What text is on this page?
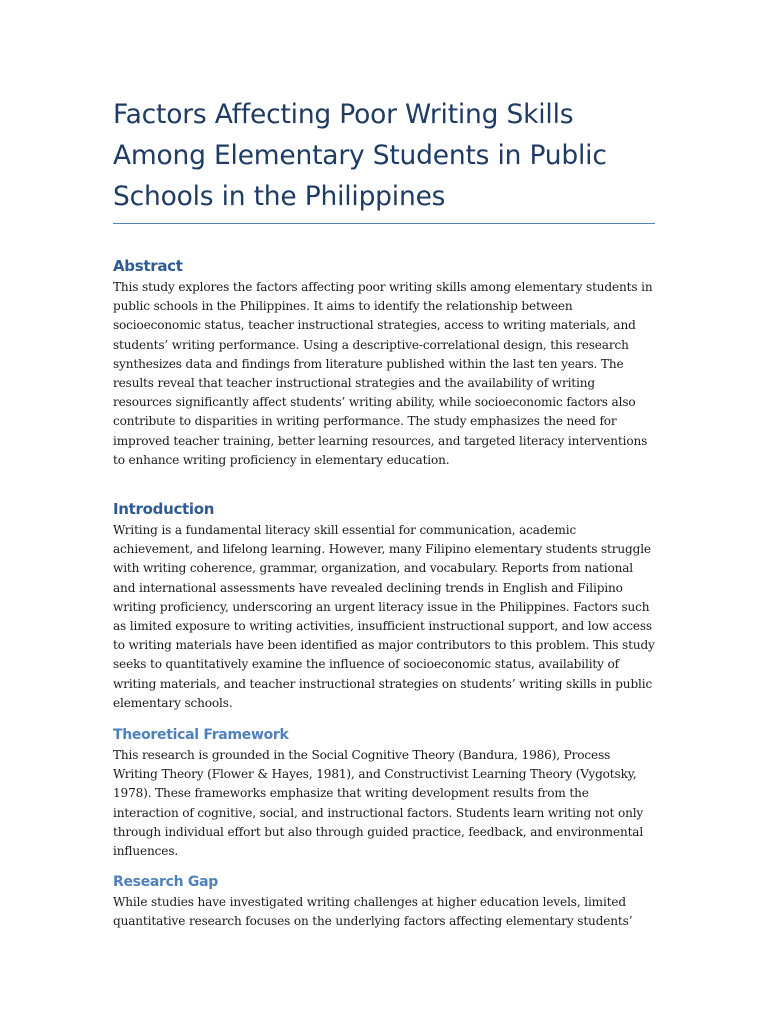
Factors Affecting Poor Writing Skills Among Elementary Students in Public Schools in the Philippines
Abstract

This study explores the factors affecting poor writing skills among elementary students in public schools in the Philippines. It aims to identify the relationship between socioeconomic status, teacher instructional strategies, access to writing materials, and students’ writing performance. Using a descriptive-correlational design, this research synthesizes data and findings from literature published within the last ten years. The results reveal that teacher instructional strategies and the availability of writing resources significantly affect students’ writing ability, while socioeconomic factors also contribute to disparities in writing performance. The study emphasizes the need for improved teacher training, better learning resources, and targeted literacy interventions to enhance writing proficiency in elementary education.

Introduction

Writing is a fundamental literacy skill essential for communication, academic achievement, and lifelong learning. However, many Filipino elementary students struggle with writing coherence, grammar, organization, and vocabulary. Reports from national and international assessments have revealed declining trends in English and Filipino writing proficiency, underscoring an urgent literacy issue in the Philippines. Factors such as limited exposure to writing activities, insufficient instructional support, and low access to writing materials have been identified as major contributors to this problem. This study seeks to quantitatively examine the influence of socioeconomic status, availability of writing materials, and teacher instructional strategies on students’ writing skills in public elementary schools.

Theoretical Framework

This research is grounded in the Social Cognitive Theory (Bandura, 1986), Process Writing Theory (Flower & Hayes, 1981), and Constructivist Learning Theory (Vygotsky, 1978). These frameworks emphasize that writing development results from the interaction of cognitive, social, and instructional factors. Students learn writing not only through individual effort but also through guided practice, feedback, and environmental influences.

Research Gap

While studies have investigated writing challenges at higher education levels, limited quantitative research focuses on the underlying factors affecting elementary students’
